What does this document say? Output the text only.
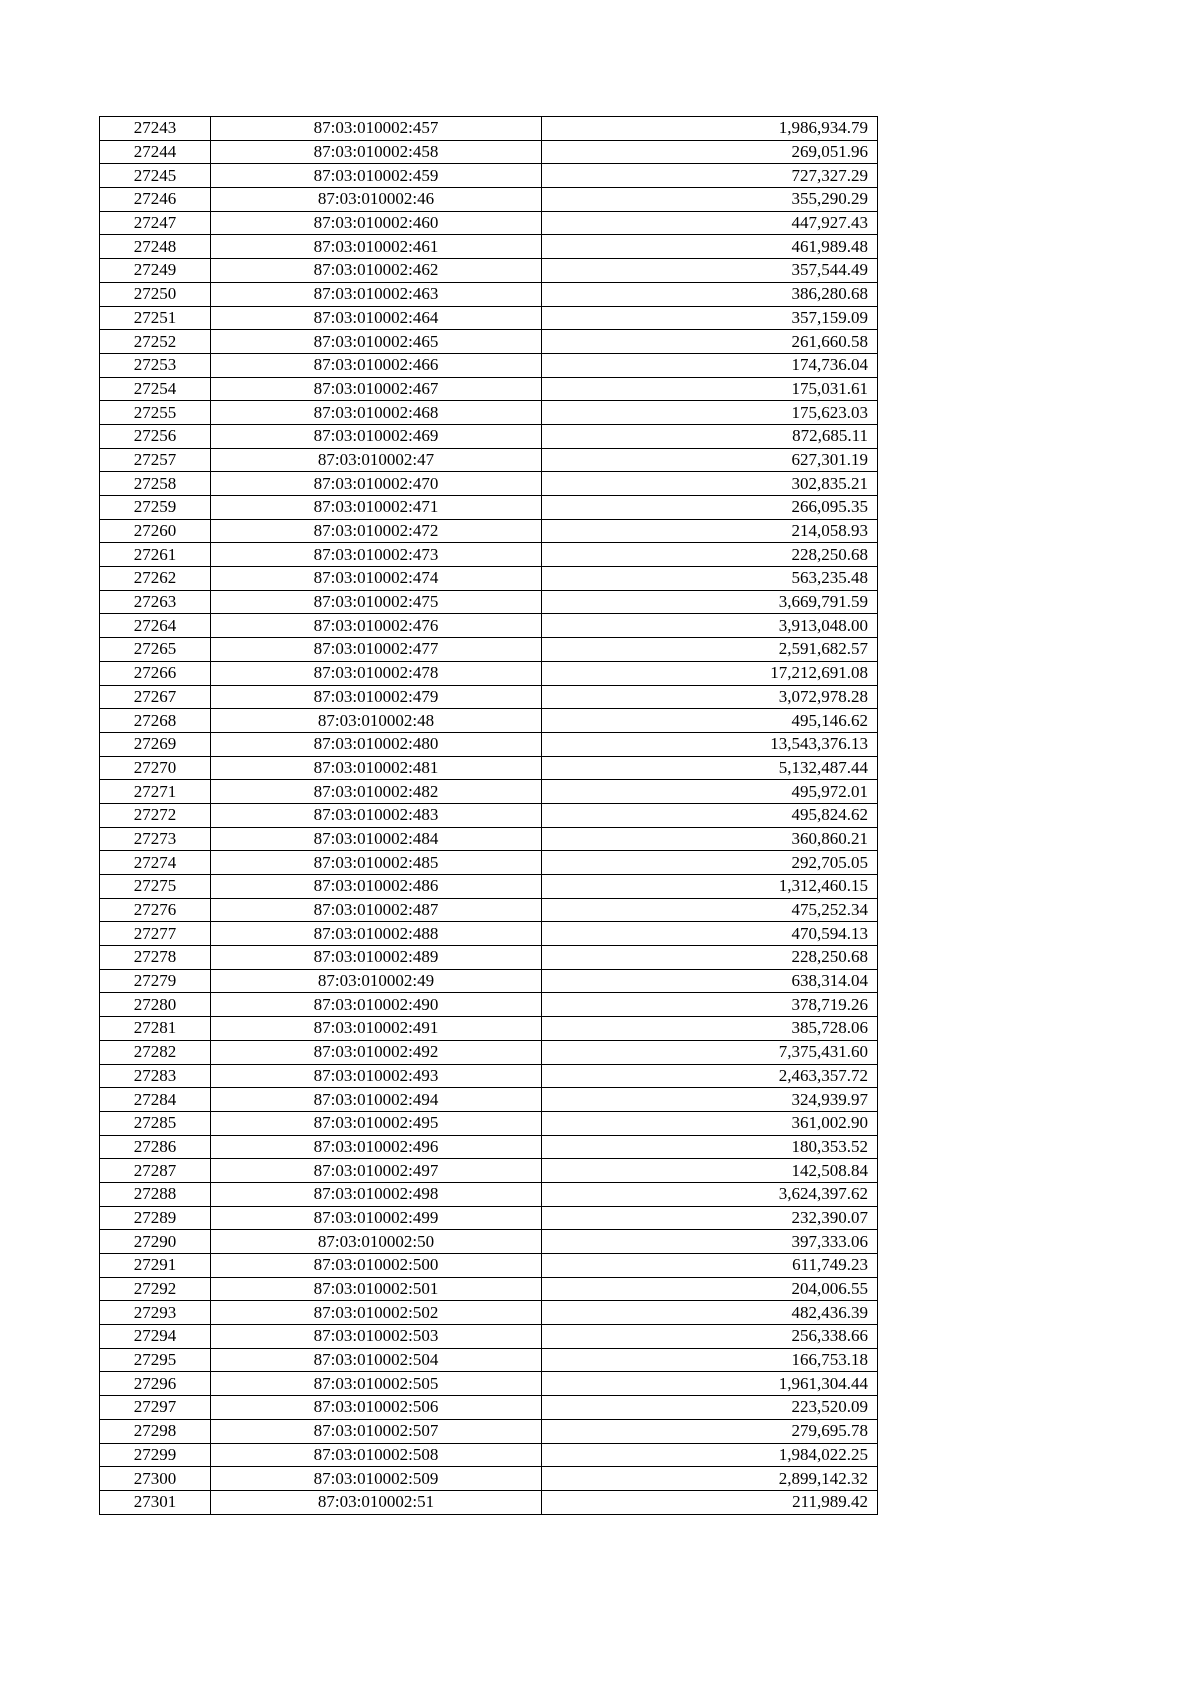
27243	87:03:010002:457	1,986,934.79
27244	87:03:010002:458	269,051.96
27245	87:03:010002:459	727,327.29
27246	87:03:010002:46	355,290.29
27247	87:03:010002:460	447,927.43
27248	87:03:010002:461	461,989.48
27249	87:03:010002:462	357,544.49
27250	87:03:010002:463	386,280.68
27251	87:03:010002:464	357,159.09
27252	87:03:010002:465	261,660.58
27253	87:03:010002:466	174,736.04
27254	87:03:010002:467	175,031.61
27255	87:03:010002:468	175,623.03
27256	87:03:010002:469	872,685.11
27257	87:03:010002:47	627,301.19
27258	87:03:010002:470	302,835.21
27259	87:03:010002:471	266,095.35
27260	87:03:010002:472	214,058.93
27261	87:03:010002:473	228,250.68
27262	87:03:010002:474	563,235.48
27263	87:03:010002:475	3,669,791.59
27264	87:03:010002:476	3,913,048.00
27265	87:03:010002:477	2,591,682.57
27266	87:03:010002:478	17,212,691.08
27267	87:03:010002:479	3,072,978.28
27268	87:03:010002:48	495,146.62
27269	87:03:010002:480	13,543,376.13
27270	87:03:010002:481	5,132,487.44
27271	87:03:010002:482	495,972.01
27272	87:03:010002:483	495,824.62
27273	87:03:010002:484	360,860.21
27274	87:03:010002:485	292,705.05
27275	87:03:010002:486	1,312,460.15
27276	87:03:010002:487	475,252.34
27277	87:03:010002:488	470,594.13
27278	87:03:010002:489	228,250.68
27279	87:03:010002:49	638,314.04
27280	87:03:010002:490	378,719.26
27281	87:03:010002:491	385,728.06
27282	87:03:010002:492	7,375,431.60
27283	87:03:010002:493	2,463,357.72
27284	87:03:010002:494	324,939.97
27285	87:03:010002:495	361,002.90
27286	87:03:010002:496	180,353.52
27287	87:03:010002:497	142,508.84
27288	87:03:010002:498	3,624,397.62
27289	87:03:010002:499	232,390.07
27290	87:03:010002:50	397,333.06
27291	87:03:010002:500	611,749.23
27292	87:03:010002:501	204,006.55
27293	87:03:010002:502	482,436.39
27294	87:03:010002:503	256,338.66
27295	87:03:010002:504	166,753.18
27296	87:03:010002:505	1,961,304.44
27297	87:03:010002:506	223,520.09
27298	87:03:010002:507	279,695.78
27299	87:03:010002:508	1,984,022.25
27300	87:03:010002:509	2,899,142.32
27301	87:03:010002:51	211,989.42
